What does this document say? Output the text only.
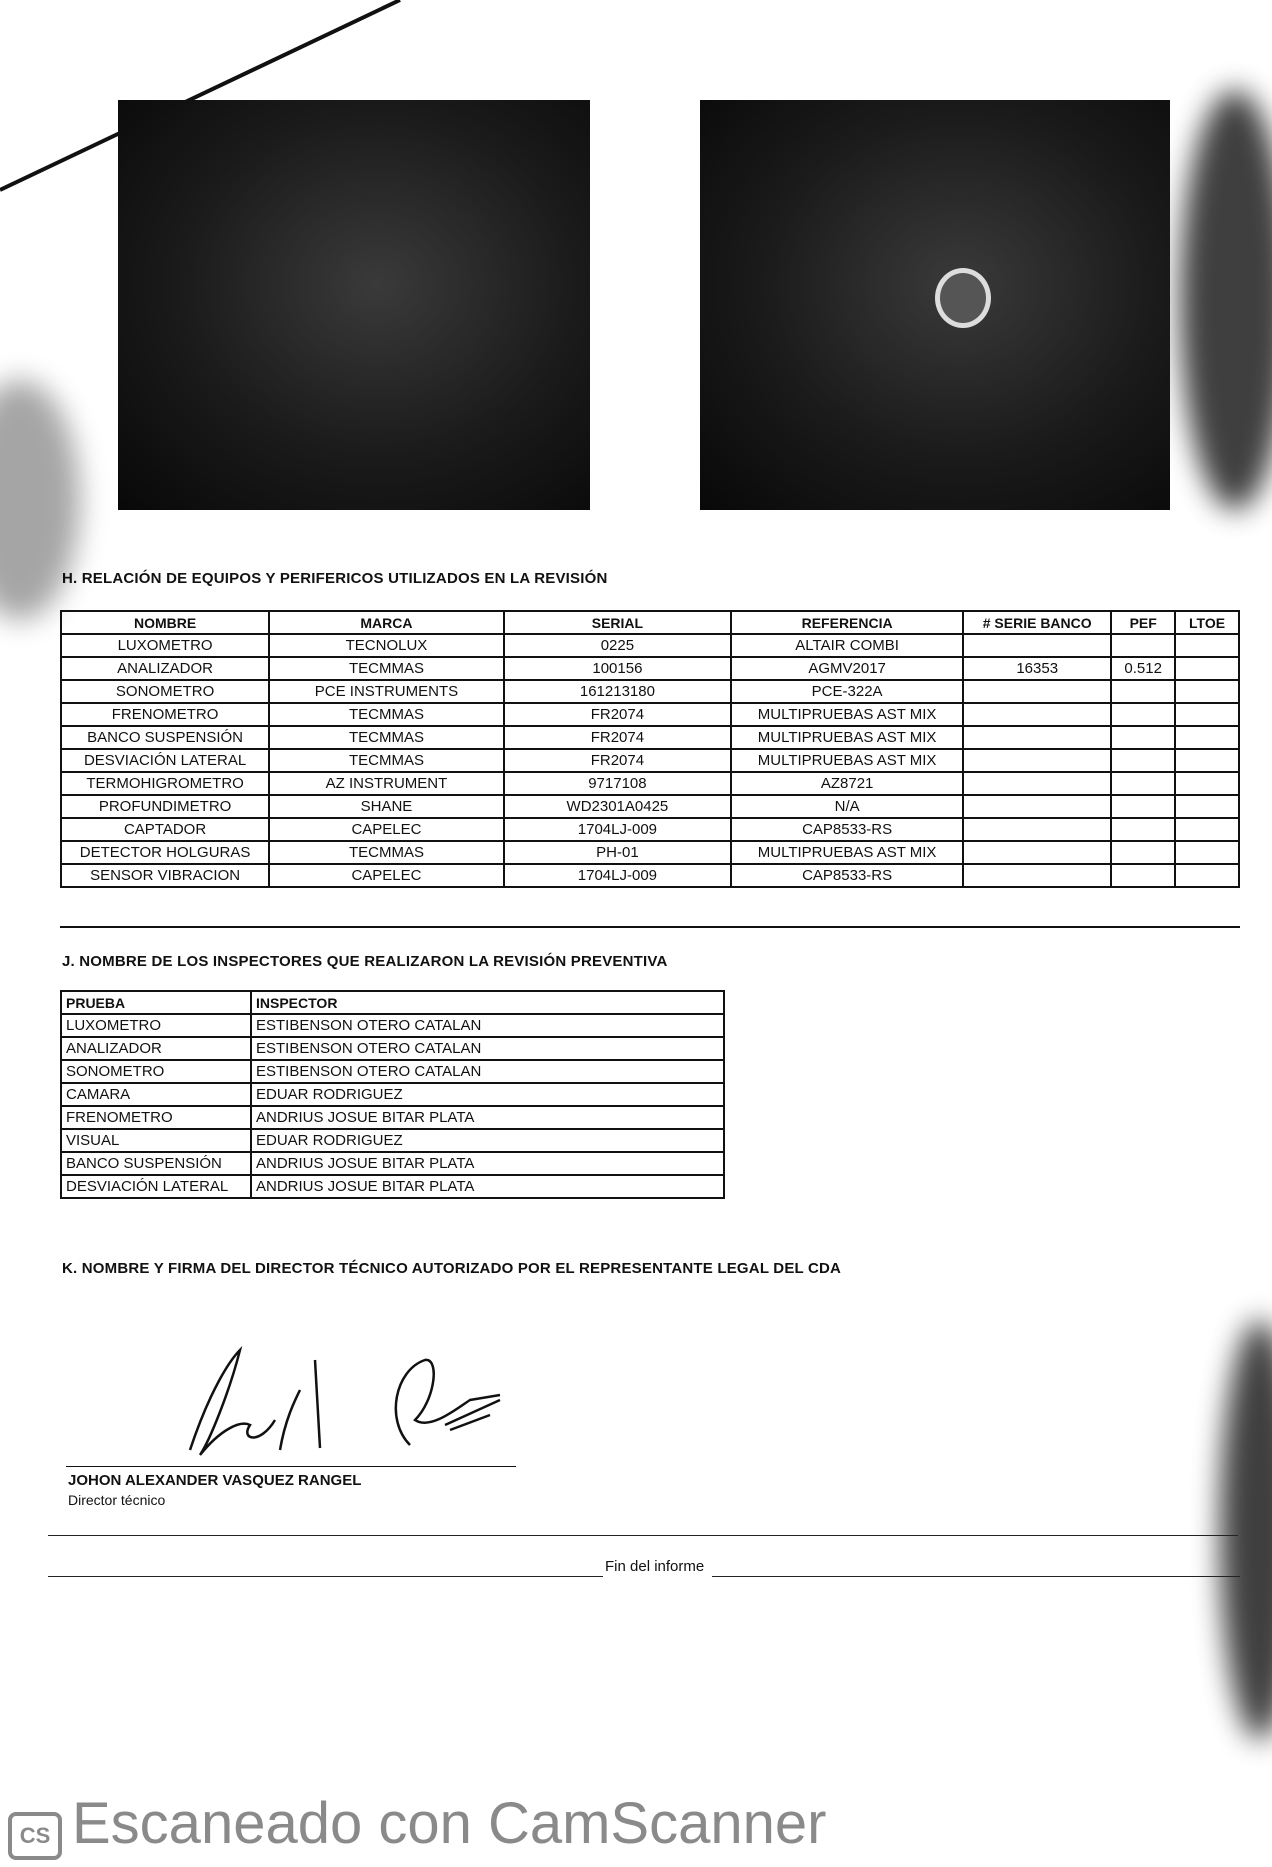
H. RELACIÓN DE EQUIPOS Y PERIFERICOS UTILIZADOS EN LA REVISIÓN
NOMBRE	MARCA	SERIAL	REFERENCIA	# SERIE BANCO	PEF	LTOE
LUXOMETRO	TECNOLUX	0225	ALTAIR COMBI			
ANALIZADOR	TECMMAS	100156	AGMV2017	16353	0.512	
SONOMETRO	PCE INSTRUMENTS	161213180	PCE-322A			
FRENOMETRO	TECMMAS	FR2074	MULTIPRUEBAS AST MIX			
BANCO SUSPENSIÓN	TECMMAS	FR2074	MULTIPRUEBAS AST MIX			
DESVIACIÓN LATERAL	TECMMAS	FR2074	MULTIPRUEBAS AST MIX			
TERMOHIGROMETRO	AZ INSTRUMENT	9717108	AZ8721			
PROFUNDIMETRO	SHANE	WD2301A0425	N/A			
CAPTADOR	CAPELEC	1704LJ-009	CAP8533-RS			
DETECTOR HOLGURAS	TECMMAS	PH-01	MULTIPRUEBAS AST MIX			
SENSOR VIBRACION	CAPELEC	1704LJ-009	CAP8533-RS			
J. NOMBRE DE LOS INSPECTORES QUE REALIZARON LA REVISIÓN PREVENTIVA
PRUEBA	INSPECTOR
LUXOMETRO	ESTIBENSON OTERO CATALAN
ANALIZADOR	ESTIBENSON OTERO CATALAN
SONOMETRO	ESTIBENSON OTERO CATALAN
CAMARA	EDUAR RODRIGUEZ
FRENOMETRO	ANDRIUS JOSUE BITAR PLATA
VISUAL	EDUAR RODRIGUEZ
BANCO SUSPENSIÓN	ANDRIUS JOSUE BITAR PLATA
DESVIACIÓN LATERAL	ANDRIUS JOSUE BITAR PLATA
K. NOMBRE Y FIRMA DEL DIRECTOR TÉCNICO AUTORIZADO POR EL REPRESENTANTE LEGAL DEL CDA
JOHON ALEXANDER VASQUEZ RANGEL
Director técnico
Fin del informe
CS Escaneado con CamScanner
